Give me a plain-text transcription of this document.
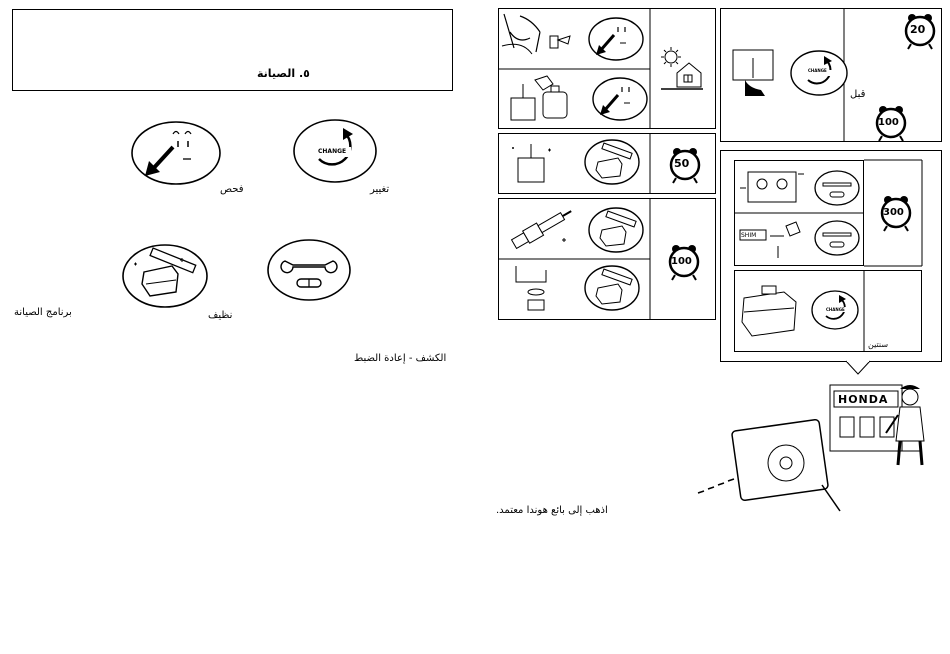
٥. الصيانة
CHANGE
تغيير
فحص
نظيف
برنامج الصيانة
الكشف - إعادة الضبط
50
100
CHANGE
20
قبل
100
SHIM
300
CHANGE
سنتين
HONDA
اذهب إلى بائع هوندا معتمد.
